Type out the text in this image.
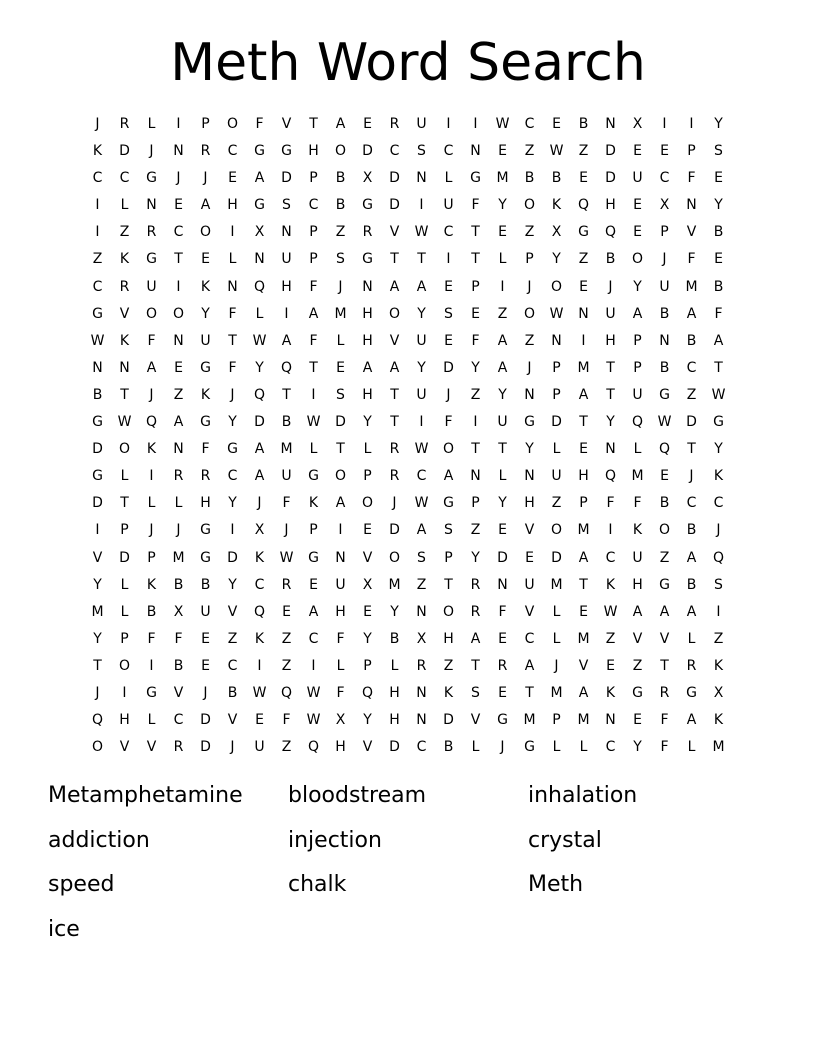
Meth Word Search
J	R	L	I	P	O	F	V	T	A	E	R	U	I	I	W	C	E	B	N	X	I	I	Y
K	D	J	N	R	C	G	G	H	O	D	C	S	C	N	E	Z	W	Z	D	E	E	P	S
C	C	G	J	J	E	A	D	P	B	X	D	N	L	G	M	B	B	E	D	U	C	F	E
I	L	N	E	A	H	G	S	C	B	G	D	I	U	F	Y	O	K	Q	H	E	X	N	Y
I	Z	R	C	O	I	X	N	P	Z	R	V	W	C	T	E	Z	X	G	Q	E	P	V	B
Z	K	G	T	E	L	N	U	P	S	G	T	T	I	T	L	P	Y	Z	B	O	J	F	E
C	R	U	I	K	N	Q	H	F	J	N	A	A	E	P	I	J	O	E	J	Y	U	M	B
G	V	O	O	Y	F	L	I	A	M	H	O	Y	S	E	Z	O	W	N	U	A	B	A	F
W	K	F	N	U	T	W	A	F	L	H	V	U	E	F	A	Z	N	I	H	P	N	B	A
N	N	A	E	G	F	Y	Q	T	E	A	A	Y	D	Y	A	J	P	M	T	P	B	C	T
B	T	J	Z	K	J	Q	T	I	S	H	T	U	J	Z	Y	N	P	A	T	U	G	Z	W
G	W	Q	A	G	Y	D	B	W	D	Y	T	I	F	I	U	G	D	T	Y	Q	W	D	G
D	O	K	N	F	G	A	M	L	T	L	R	W	O	T	T	Y	L	E	N	L	Q	T	Y
G	L	I	R	R	C	A	U	G	O	P	R	C	A	N	L	N	U	H	Q	M	E	J	K
D	T	L	L	H	Y	J	F	K	A	O	J	W	G	P	Y	H	Z	P	F	F	B	C	C
I	P	J	J	G	I	X	J	P	I	E	D	A	S	Z	E	V	O	M	I	K	O	B	J
V	D	P	M	G	D	K	W	G	N	V	O	S	P	Y	D	E	D	A	C	U	Z	A	Q
Y	L	K	B	B	Y	C	R	E	U	X	M	Z	T	R	N	U	M	T	K	H	G	B	S
M	L	B	X	U	V	Q	E	A	H	E	Y	N	O	R	F	V	L	E	W	A	A	A	I
Y	P	F	F	E	Z	K	Z	C	F	Y	B	X	H	A	E	C	L	M	Z	V	V	L	Z
T	O	I	B	E	C	I	Z	I	L	P	L	R	Z	T	R	A	J	V	E	Z	T	R	K
J	I	G	V	J	B	W	Q	W	F	Q	H	N	K	S	E	T	M	A	K	G	R	G	X
Q	H	L	C	D	V	E	F	W	X	Y	H	N	D	V	G	M	P	M	N	E	F	A	K
O	V	V	R	D	J	U	Z	Q	H	V	D	C	B	L	J	G	L	L	C	Y	F	L	M
Metamphetamine	bloodstream	inhalation
addiction	injection	crystal
speed	chalk	Meth
ice
